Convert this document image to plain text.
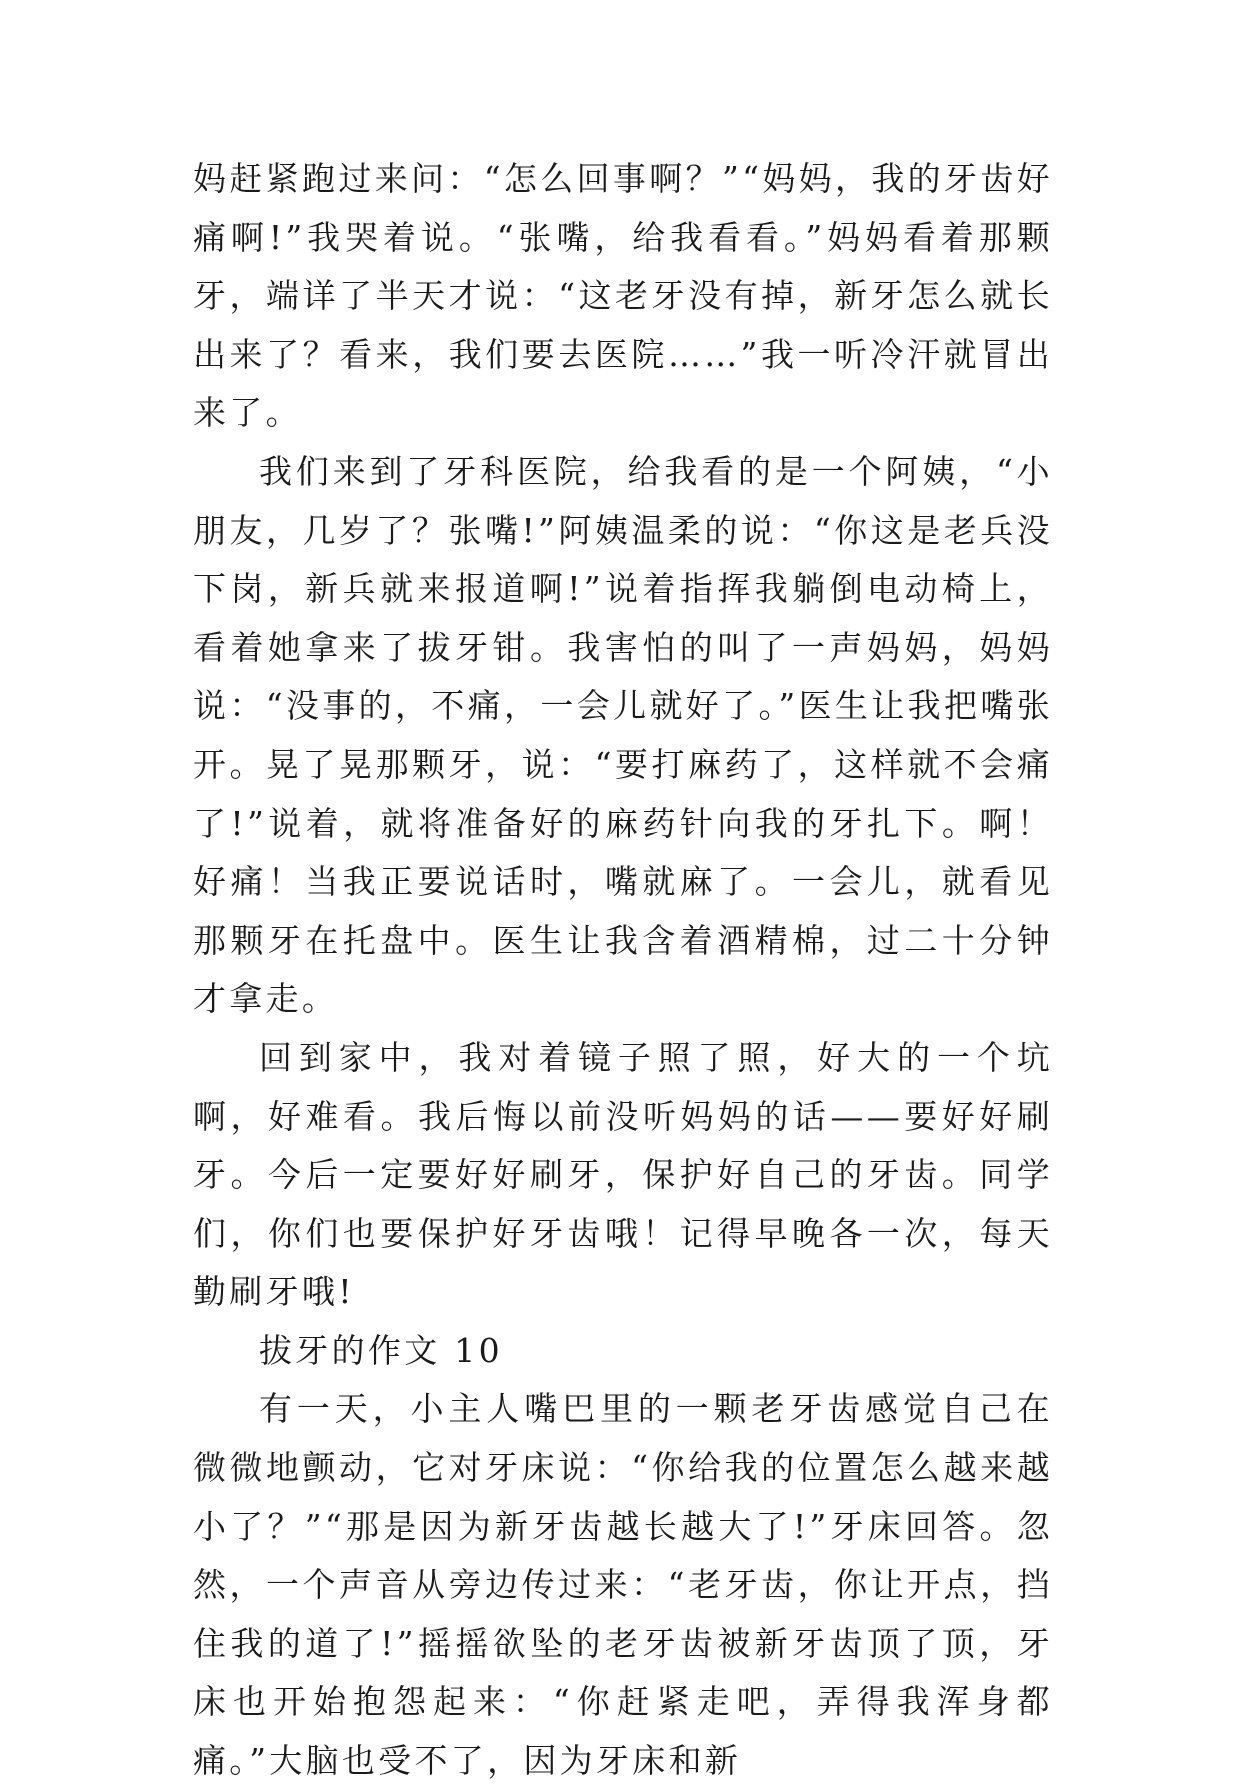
妈赶紧跑过来问：“怎么回事啊？”“妈妈，我的牙齿好痛啊!”我哭着说。“张嘴，给我看看。”妈妈看着那颗牙，端详了半天才说：“这老牙没有掉，新牙怎么就长出来了？看来，我们要去医院……”我一听冷汗就冒出来了。

我们来到了牙科医院，给我看的是一个阿姨，“小朋友，几岁了？张嘴!”阿姨温柔的说：“你这是老兵没下岗，新兵就来报道啊!”说着指挥我躺倒电动椅上，看着她拿来了拔牙钳。我害怕的叫了一声妈妈，妈妈说：“没事的，不痛，一会儿就好了。”医生让我把嘴张开。晃了晃那颗牙，说：“要打麻药了，这样就不会痛了!”说着，就将准备好的麻药针向我的牙扎下。啊！好痛！当我正要说话时，嘴就麻了。一会儿，就看见那颗牙在托盘中。医生让我含着酒精棉，过二十分钟才拿走。

回到家中，我对着镜子照了照，好大的一个坑啊，好难看。我后悔以前没听妈妈的话——要好好刷牙。今后一定要好好刷牙，保护好自己的牙齿。同学们，你们也要保护好牙齿哦！记得早晚各一次，每天勤刷牙哦!

拔牙的作文 10

有一天，小主人嘴巴里的一颗老牙齿感觉自己在微微地颤动，它对牙床说：“你给我的位置怎么越来越小了？”“那是因为新牙齿越长越大了!”牙床回答。忽然，一个声音从旁边传过来：“老牙齿，你让开点，挡住我的道了!”摇摇欲坠的老牙齿被新牙齿顶了顶，牙床也开始抱怨起来：“你赶紧走吧，弄得我浑身都痛。”大脑也受不了，因为牙床和新
